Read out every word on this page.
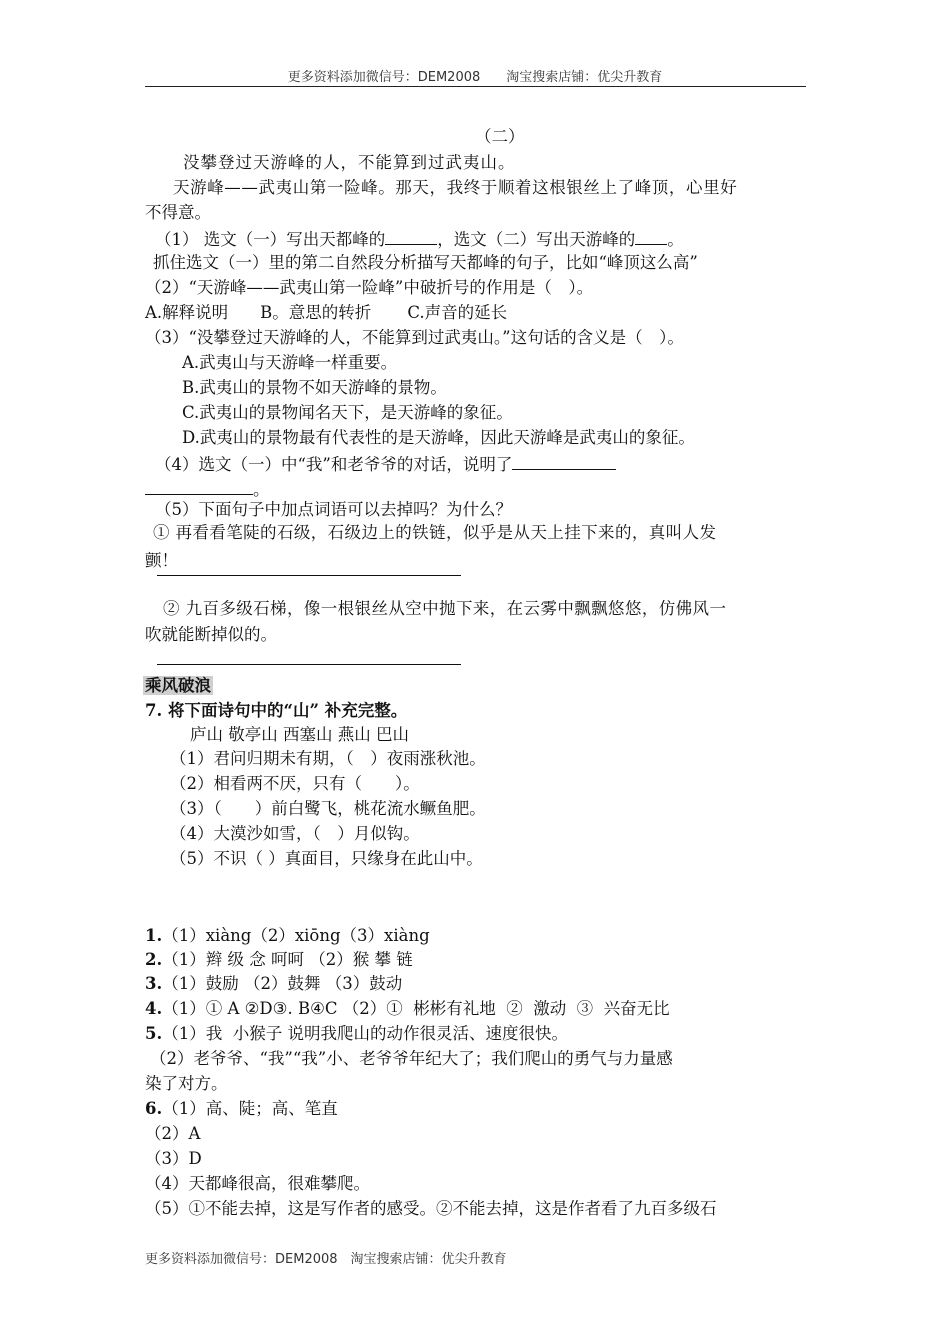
更多资料添加微信号：DEM2008　　淘宝搜索店铺：优尖升教育
（二）
没攀登过天游峰的人，不能算到过武夷山。
天游峰——武夷山第一险峰。那天，我终于顺着这根银丝上了峰顶，心里好
不得意。
（1） 选文（一）写出天都峰的	，选文（二）写出天游峰的 。
抓住选文（一）里的第二自然段分析描写天都峰的句子，比如“峰顶这么高”
（2）“天游峰——武夷山第一险峰”中破折号的作用是（　）。
A.解释说明 B。意思的转折 C.声音的延长
（3）“没攀登过天游峰的人，不能算到过武夷山。”这句话的含义是（　）。
A.武夷山与天游峰一样重要。
B.武夷山的景物不如天游峰的景物。
C.武夷山的景物闻名天下，是天游峰的象征。
D.武夷山的景物最有代表性的是天游峰，因此天游峰是武夷山的象征。
（4）选文（一）中“我”和老爷爷的对话，说明了
。
（5）下面句子中加点词语可以去掉吗？为什么？
① 再看看笔陡的石级，石级边上的铁链，似乎是从天上挂下来的，真叫人发
颤！
② 九百多级石梯，像一根银丝从空中抛下来，在云雾中飘飘悠悠，仿佛风一
吹就能断掉似的。
乘风破浪
7. 将下面诗句中的“山” 补充完整。
庐山 敬亭山 西塞山 燕山 巴山
（1）君问归期未有期，（　）夜雨涨秋池。
（2）相看两不厌，只有（　　）。
（3）（　　）前白鹭飞，桃花流水鳜鱼肥。
（4）大漠沙如雪，（　）月似钩。
（5）不识（ ）真面目，只缘身在此山中。
1.（1）xiàng（2）xiōng（3）xiàng
2.（1）辫 级 念 呵呵 （2）猴 攀 链
3.（1）鼓励 （2）鼓舞 （3）鼓动
4.（1）① A ②D③. B④C （2）①  彬彬有礼地  ②  激动  ③  兴奋无比
5.（1）我  小猴子 说明我爬山的动作很灵活、速度很快。
（2）老爷爷、“我”“我”小、老爷爷年纪大了；我们爬山的勇气与力量感
染了对方。
6.（1）高、陡；高、笔直
（2）A
（3）D
（4）天都峰很高，很难攀爬。
（5）①不能去掉，这是写作者的感受。②不能去掉，这是作者看了九百多级石
更多资料添加微信号：DEM2008　淘宝搜索店铺：优尖升教育
